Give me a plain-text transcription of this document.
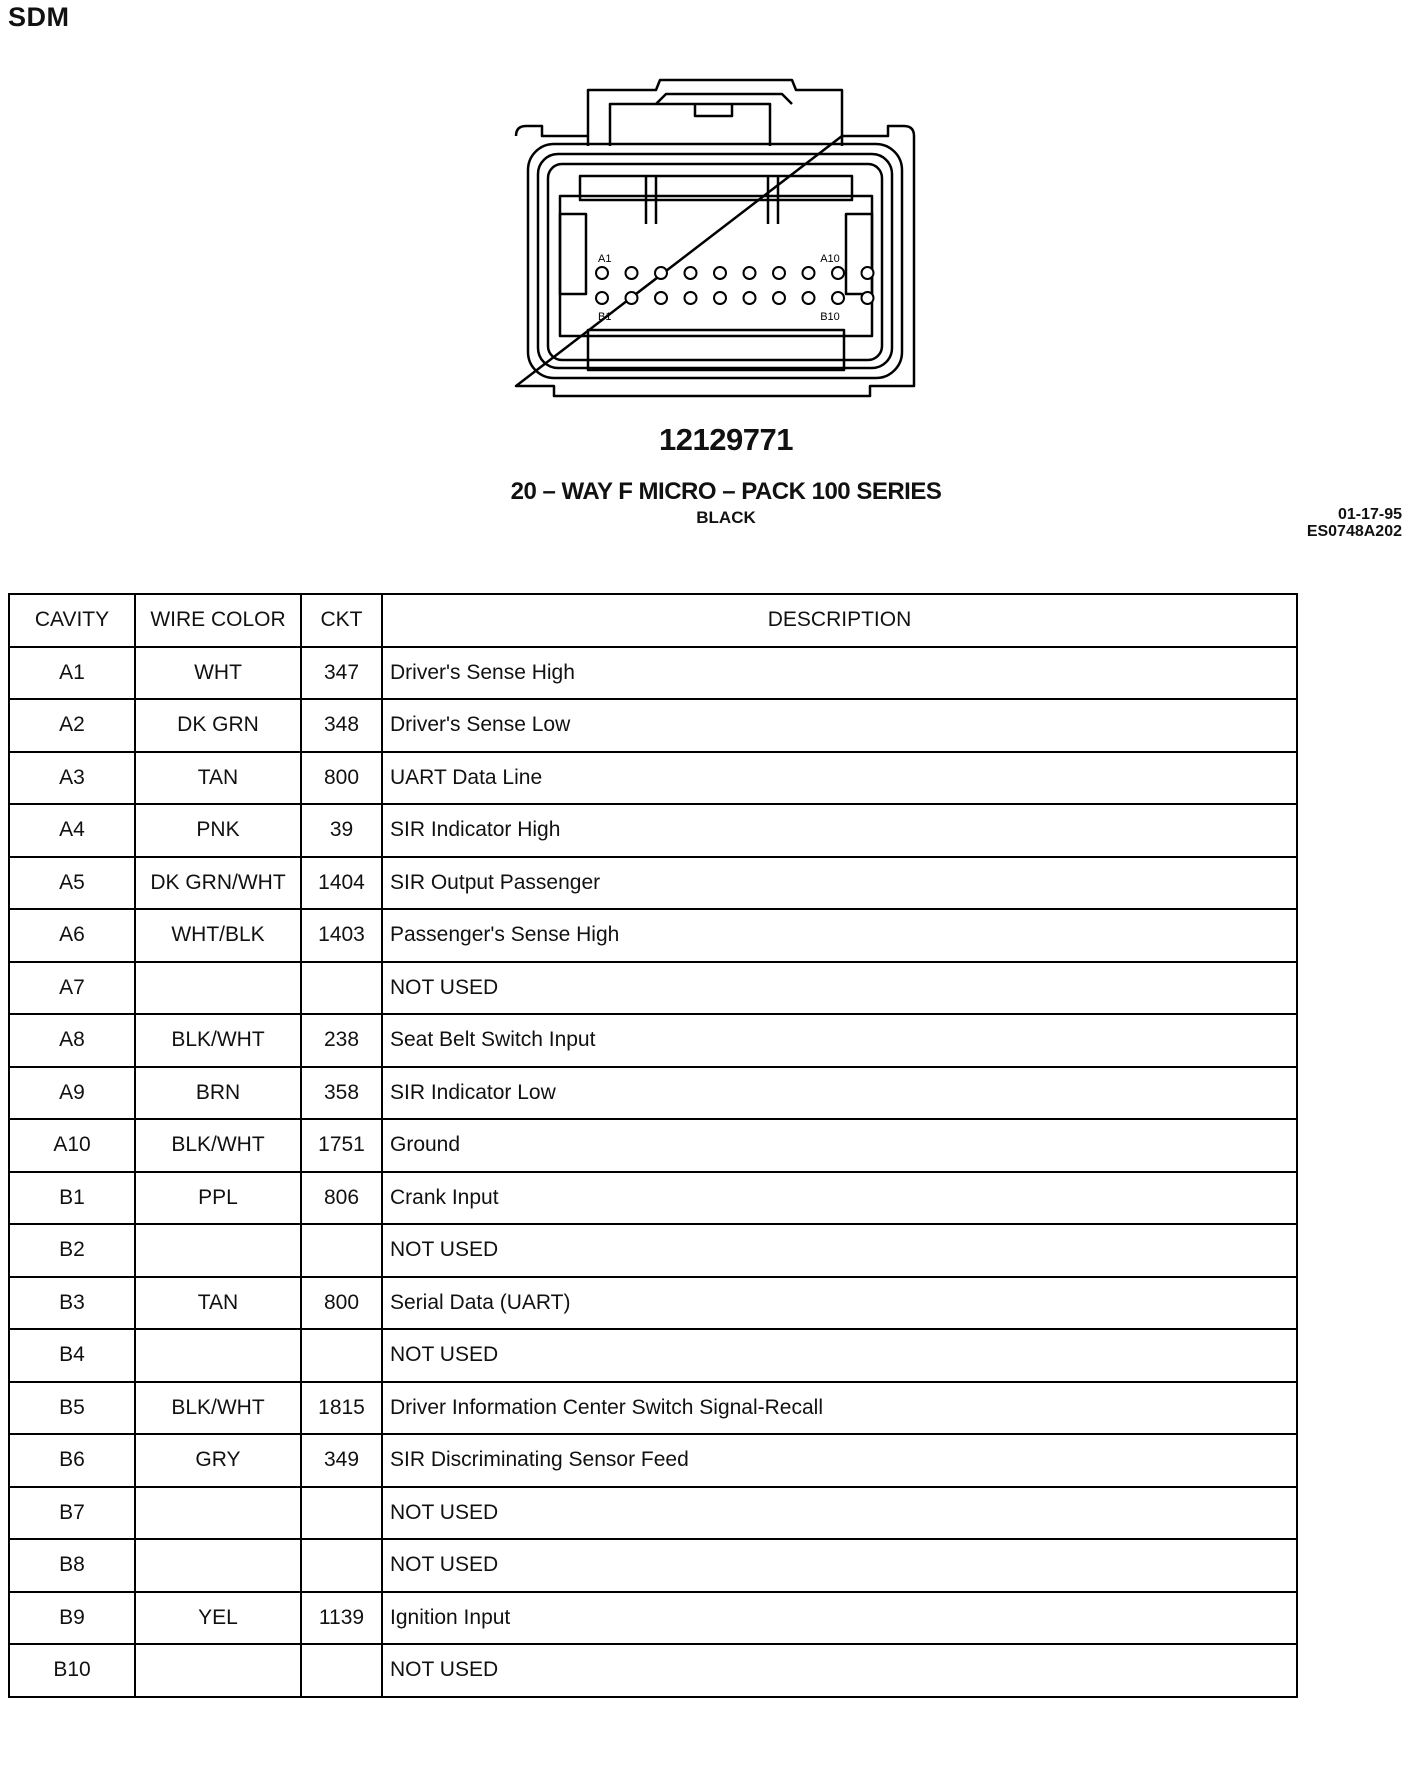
SDM
A1	A10
B1	B10
12129771
20 – WAY F MICRO – PACK 100 SERIES
BLACK	01-17-95
ES0748A202
CAVITY	WIRE COLOR	CKT	DESCRIPTION
A1	WHT	347	Driver's Sense High
A2	DK GRN	348	Driver's Sense Low
A3	TAN	800	UART Data Line
A4	PNK	39	SIR Indicator High
A5	DK GRN/WHT	1404	SIR Output Passenger
A6	WHT/BLK	1403	Passenger's Sense High
A7			NOT USED
A8	BLK/WHT	238	Seat Belt Switch Input
A9	BRN	358	SIR Indicator Low
A10	BLK/WHT	1751	Ground
B1	PPL	806	Crank Input
B2			NOT USED
B3	TAN	800	Serial Data (UART)
B4			NOT USED
B5	BLK/WHT	1815	Driver Information Center Switch Signal-Recall
B6	GRY	349	SIR Discriminating Sensor Feed
B7			NOT USED
B8			NOT USED
B9	YEL	1139	Ignition Input
B10			NOT USED
